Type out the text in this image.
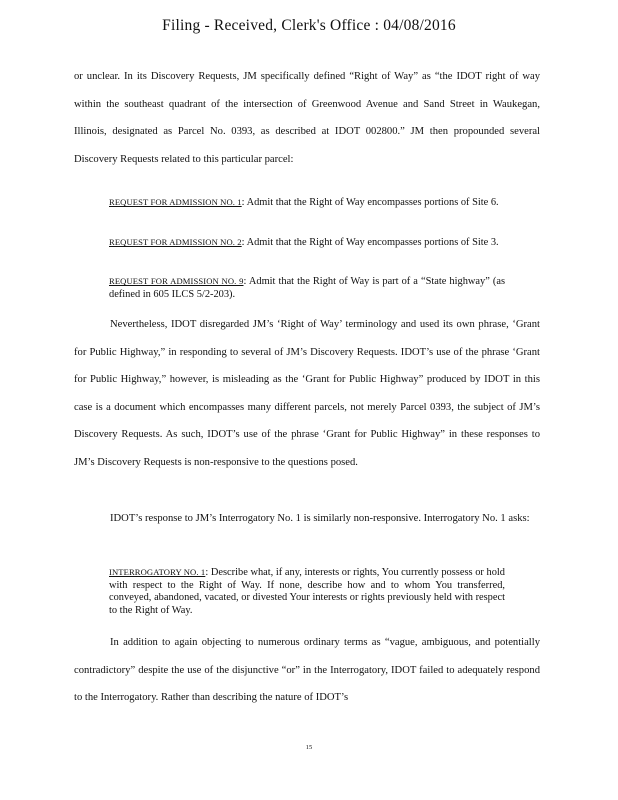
Filing - Received, Clerk's Office : 04/08/2016

or unclear. In its Discovery Requests, JM specifically defined “Right of Way” as “the IDOT right of way within the southeast quadrant of the intersection of Greenwood Avenue and Sand Street in Waukegan, Illinois, designated as Parcel No. 0393, as described at IDOT 002800.” JM then propounded several Discovery Requests related to this particular parcel:

REQUEST FOR ADMISSION NO. 1: Admit that the Right of Way encompasses portions of Site 6.
REQUEST FOR ADMISSION NO. 2: Admit that the Right of Way encompasses portions of Site 3.
REQUEST FOR ADMISSION NO. 9: Admit that the Right of Way is part of a “State highway” (as defined in 605 ILCS 5/2-203).

Nevertheless, IDOT disregarded JM’s ‘Right of Way’ terminology and used its own phrase, ‘Grant for Public Highway,” in responding to several of JM’s Discovery Requests. IDOT’s use of the phrase ‘Grant for Public Highway,” however, is misleading as the ‘Grant for Public Highway” produced by IDOT in this case is a document which encompasses many different parcels, not merely Parcel 0393, the subject of JM’s Discovery Requests. As such, IDOT’s use of the phrase ‘Grant for Public Highway” in these responses to JM’s Discovery Requests is non-responsive to the questions posed.

IDOT’s response to JM’s Interrogatory No. 1 is similarly non-responsive. Interrogatory No. 1 asks:

INTERROGATORY NO. 1: Describe what, if any, interests or rights, You currently possess or hold with respect to the Right of Way. If none, describe how and to whom You transferred, conveyed, abandoned, vacated, or divested Your interests or rights previously held with respect to the Right of Way.

In addition to again objecting to numerous ordinary terms as “vague, ambiguous, and potentially contradictory” despite the use of the disjunctive “or” in the Interrogatory, IDOT failed to adequately respond to the Interrogatory. Rather than describing the nature of IDOT’s

15
